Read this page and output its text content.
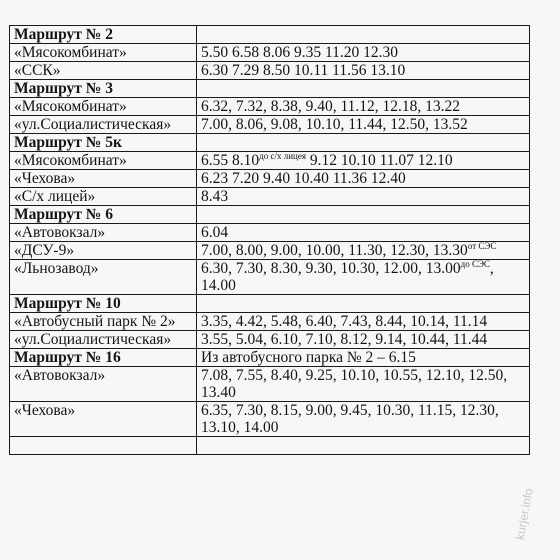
Маршрут № 2	
«Мясокомбинат»	5.50 6.58 8.06 9.35 11.20 12.30
«ССК»	6.30 7.29 8.50 10.11 11.56 13.10
Маршрут № 3	
«Мясокомбинат»	6.32, 7.32, 8.38, 9.40, 11.12, 12.18, 13.22
«ул.Социалистическая»	7.00, 8.06, 9.08, 10.10, 11.44, 12.50, 13.52
Маршрут № 5к	
«Мясокомбинат»	6.55 $8.10^{до с/х лицея}$ 9.12 10.10 11.07 12.10
«Чехова»	6.23 7.20 9.40 10.40 11.36 12.40
«С/х лицей»	8.43
Маршрут № 6	
«Автовокзал»	6.04
«ДСУ-9»	7.00, 8.00, 9.00, 10.00, 11.30, 12.30, $13.30^{от СЭС}$
«Льнозавод»	6.30, 7.30, 8.30, 9.30, 10.30, 12.00, $13.00^{до СЭС}$,
14.00

Маршрут № 10	
«Автобусный парк № 2»	3.35, 4.42, 5.48, 6.40, 7.43, 8.44, 10.14, 11.14
«ул.Социалистическая»	3.55, 5.04, 6.10, 7.10, 8.12, 9.14, 10.44, 11.44
Маршрут № 16	Из автобусного парка № 2 – 6.15
«Автовокзал»	7.08, 7.55, 8.40, 9.25, 10.10, 10.55, 12.10, 12.50, 13.40
«Чехова»	6.35, 7.30, 8.15, 9.00, 9.45, 10.30, 11.15, 12.30, 13.10, 14.00

kurjer.info
